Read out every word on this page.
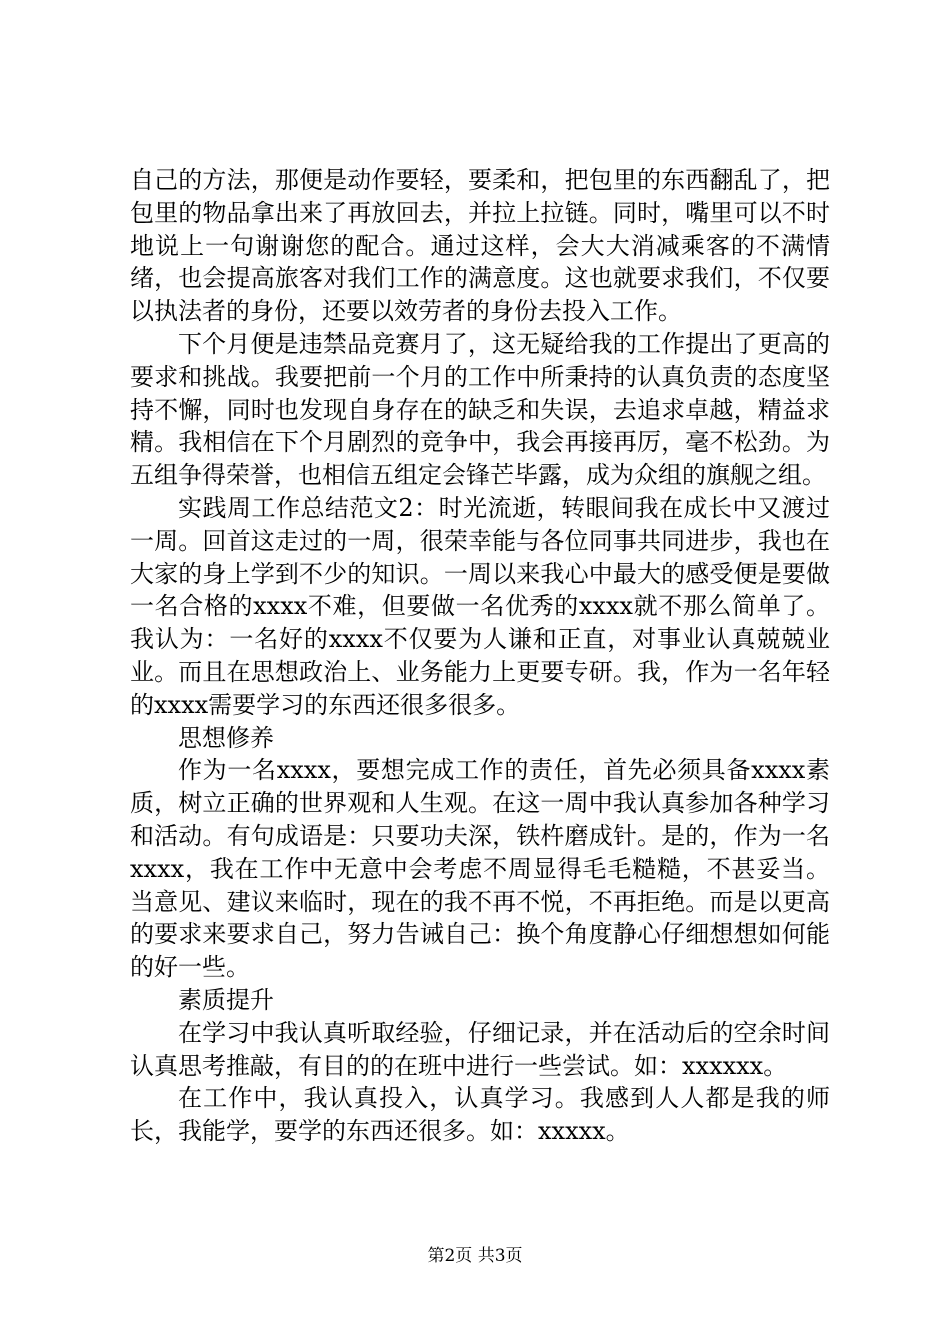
自己的方法，那便是动作要轻，要柔和，把包里的东西翻乱了，把包里的物品拿出来了再放回去，并拉上拉链。同时，嘴里可以不时地说上一句谢谢您的配合。通过这样，会大大消减乘客的不满情绪，也会提高旅客对我们工作的满意度。这也就要求我们，不仅要以执法者的身份，还要以效劳者的身份去投入工作。

下个月便是违禁品竞赛月了，这无疑给我的工作提出了更高的要求和挑战。我要把前一个月的工作中所秉持的认真负责的态度坚持不懈，同时也发现自身存在的缺乏和失误，去追求卓越，精益求精。我相信在下个月剧烈的竞争中，我会再接再厉，毫不松劲。为五组争得荣誉，也相信五组定会锋芒毕露，成为众组的旗舰之组。

实践周工作总结范文2：时光流逝，转眼间我在成长中又渡过一周。回首这走过的一周，很荣幸能与各位同事共同进步，我也在大家的身上学到不少的知识。一周以来我心中最大的感受便是要做一名合格的xxxx不难，但要做一名优秀的xxxx就不那么简单了。我认为：一名好的xxxx不仅要为人谦和正直，对事业认真兢兢业业。而且在思想政治上、业务能力上更要专研。我，作为一名年轻的xxxx需要学习的东西还很多很多。

思想修养

作为一名xxxx，要想完成工作的责任，首先必须具备xxxx素质，树立正确的世界观和人生观。在这一周中我认真参加各种学习和活动。有句成语是：只要功夫深，铁杵磨成针。是的，作为一名xxxx，我在工作中无意中会考虑不周显得毛毛糙糙，不甚妥当。当意见、建议来临时，现在的我不再不悦，不再拒绝。而是以更高的要求来要求自己，努力告诫自己：换个角度静心仔细想想如何能的好一些。

素质提升

在学习中我认真听取经验，仔细记录，并在活动后的空余时间认真思考推敲，有目的的在班中进行一些尝试。如：xxxxxx。

在工作中，我认真投入，认真学习。我感到人人都是我的师长，我能学，要学的东西还很多。如：xxxxx。

第2页 共3页
